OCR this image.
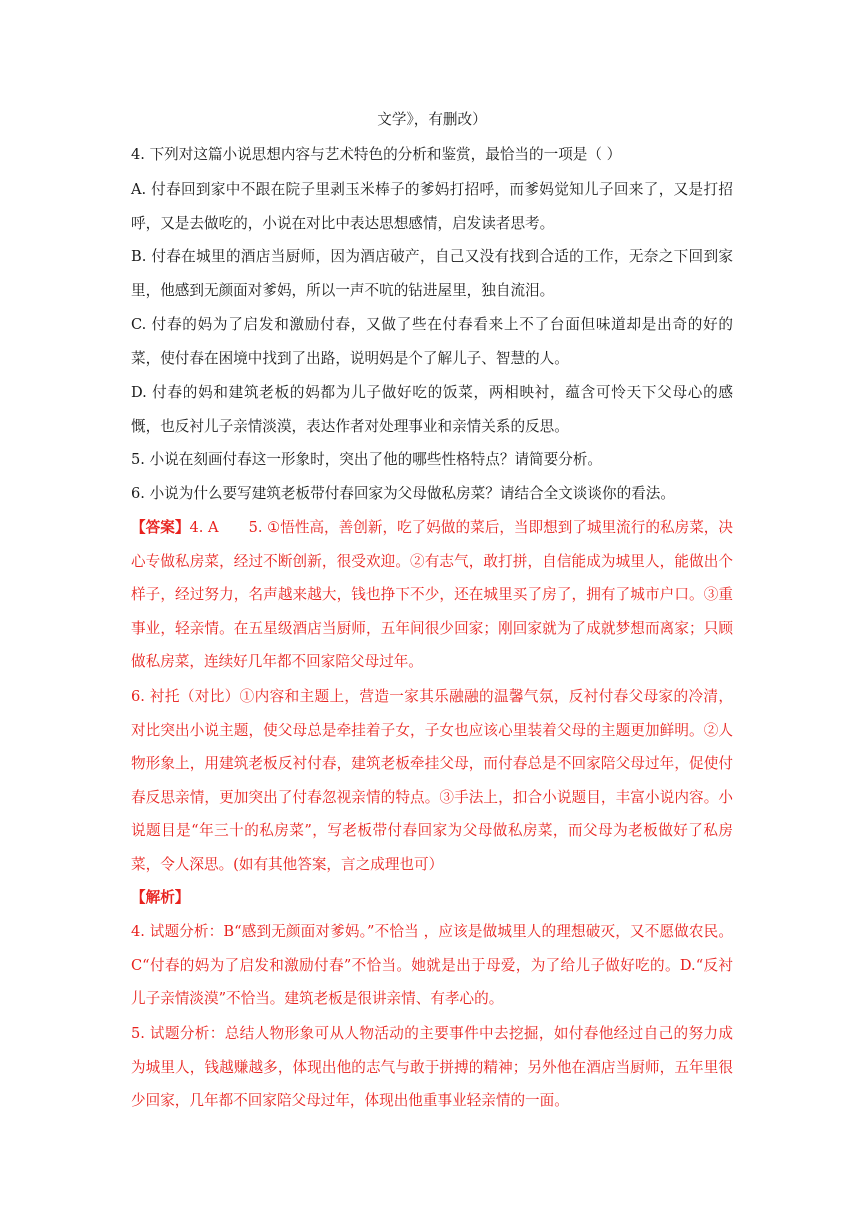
文学》，有删改）

4. 下列对这篇小说思想内容与艺术特色的分析和鉴赏，最恰当的一项是（ ）

A. 付春回到家中不跟在院子里剥玉米棒子的爹妈打招呼，而爹妈觉知儿子回来了，又是打招呼，又是去做吃的，小说在对比中表达思想感情，启发读者思考。

B. 付春在城里的酒店当厨师，因为酒店破产，自己又没有找到合适的工作，无奈之下回到家里，他感到无颜面对爹妈，所以一声不吭的钻进屋里，独自流泪。

C. 付春的妈为了启发和激励付春，又做了些在付春看来上不了台面但味道却是出奇的好的菜，使付春在困境中找到了出路，说明妈是个了解儿子、智慧的人。

D. 付春的妈和建筑老板的妈都为儿子做好吃的饭菜，两相映衬，蕴含可怜天下父母心的感慨，也反衬儿子亲情淡漠，表达作者对处理事业和亲情关系的反思。

5. 小说在刻画付春这一形象时，突出了他的哪些性格特点？请简要分析。

6. 小说为什么要写建筑老板带付春回家为父母做私房菜？请结合全文谈谈你的看法。

【答案】4. A 5. ①悟性高，善创新，吃了妈做的菜后，当即想到了城里流行的私房菜，决心专做私房菜，经过不断创新，很受欢迎。②有志气，敢打拼，自信能成为城里人，能做出个样子，经过努力，名声越来越大，钱也挣下不少，还在城里买了房了，拥有了城市户口。③重事业，轻亲情。在五星级酒店当厨师，五年间很少回家；刚回家就为了成就梦想而离家；只顾做私房菜，连续好几年都不回家陪父母过年。

6. 衬托（对比）①内容和主题上，营造一家其乐融融的温馨气氛，反衬付春父母家的冷清，对比突出小说主题，使父母总是牵挂着子女，子女也应该心里装着父母的主题更加鲜明。②人物形象上，用建筑老板反衬付春，建筑老板牵挂父母，而付春总是不回家陪父母过年，促使付春反思亲情，更加突出了付春忽视亲情的特点。③手法上，扣合小说题目，丰富小说内容。小说题目是“年三十的私房菜”，写老板带付春回家为父母做私房菜，而父母为老板做好了私房菜，令人深思。(如有其他答案，言之成理也可）

【解析】

4. 试题分析：B“感到无颜面对爹妈。”不恰当 ，应该是做城里人的理想破灭，又不愿做农民。C“付春的妈为了启发和激励付春”不恰当。她就是出于母爱，为了给儿子做好吃的。D.“反衬儿子亲情淡漠”不恰当。建筑老板是很讲亲情、有孝心的。

5. 试题分析：总结人物形象可从人物活动的主要事件中去挖掘，如付春他经过自己的努力成为城里人，钱越赚越多，体现出他的志气与敢于拼搏的精神；另外他在酒店当厨师，五年里很少回家，几年都不回家陪父母过年，体现出他重事业轻亲情的一面。
